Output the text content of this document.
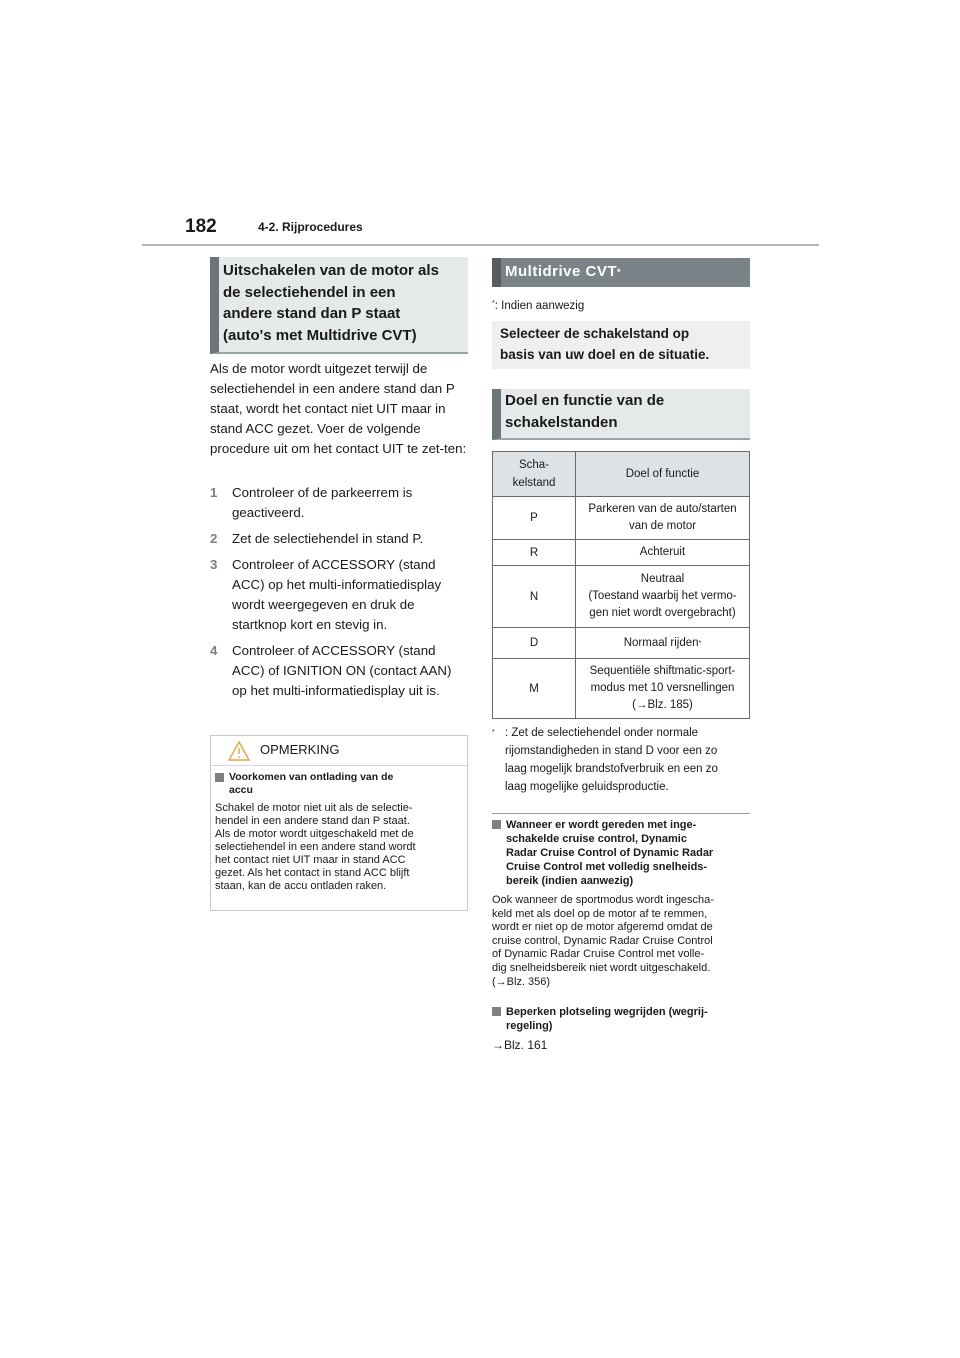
182	4-2. Rijprocedures
Uitschakelen van de motor als
de selectiehendel in een
andere stand dan P staat
(auto's met Multidrive CVT)
Als de motor wordt uitgezet terwijl de selectiehendel in een andere stand dan P staat, wordt het contact niet UIT maar in stand ACC gezet. Voer de volgende procedure uit om het contact UIT te zet-ten:
1	Controleer of de parkeerrem is geactiveerd.
2	Zet de selectiehendel in stand P.
3	Controleer of ACCESSORY (stand ACC) op het multi-informatiedisplay wordt weergegeven en druk de startknop kort en stevig in.
4	Controleer of ACCESSORY (stand ACC) of IGNITION ON (contact AAN) op het multi-informatiedisplay uit is.
OPMERKING
Voorkomen van ontlading van de
accu
Schakel de motor niet uit als de selectie-
hendel in een andere stand dan P staat.
Als de motor wordt uitgeschakeld met de
selectiehendel in een andere stand wordt
het contact niet UIT maar in stand ACC
gezet. Als het contact in stand ACC blijft
staan, kan de accu ontladen raken.
Multidrive CVT*
*: Indien aanwezig
Selecteer de schakelstand op
basis van uw doel en de situatie.
Doel en functie van de
schakelstanden
Scha-
kelstand	Doel of functie
P	Parkeren van de auto/starten
van de motor

R	Achteruit

N	Neutraal
(Toestand waarbij het vermo-
gen niet wordt overgebracht)

D	Normaal rijden*
M	Sequentiële shiftmatic-sport-
modus met 10 versnellingen
(→Blz. 185)
* : Zet de selectiehendel onder normale
rijomstandigheden in stand D voor een zo
laag mogelijk brandstofverbruik en een zo
laag mogelijke geluidsproductie.
Wanneer er wordt gereden met inge-
schakelde cruise control, Dynamic
Radar Cruise Control of Dynamic Radar
Cruise Control met volledig snelheids-
bereik (indien aanwezig)
Ook wanneer de sportmodus wordt ingescha-
keld met als doel op de motor af te remmen,
wordt er niet op de motor afgeremd omdat de
cruise control, Dynamic Radar Cruise Control
of Dynamic Radar Cruise Control met volle-
dig snelheidsbereik niet wordt uitgeschakeld.
(→Blz. 356)
Beperken plotseling wegrijden (wegrij-
regeling)
→Blz. 161
